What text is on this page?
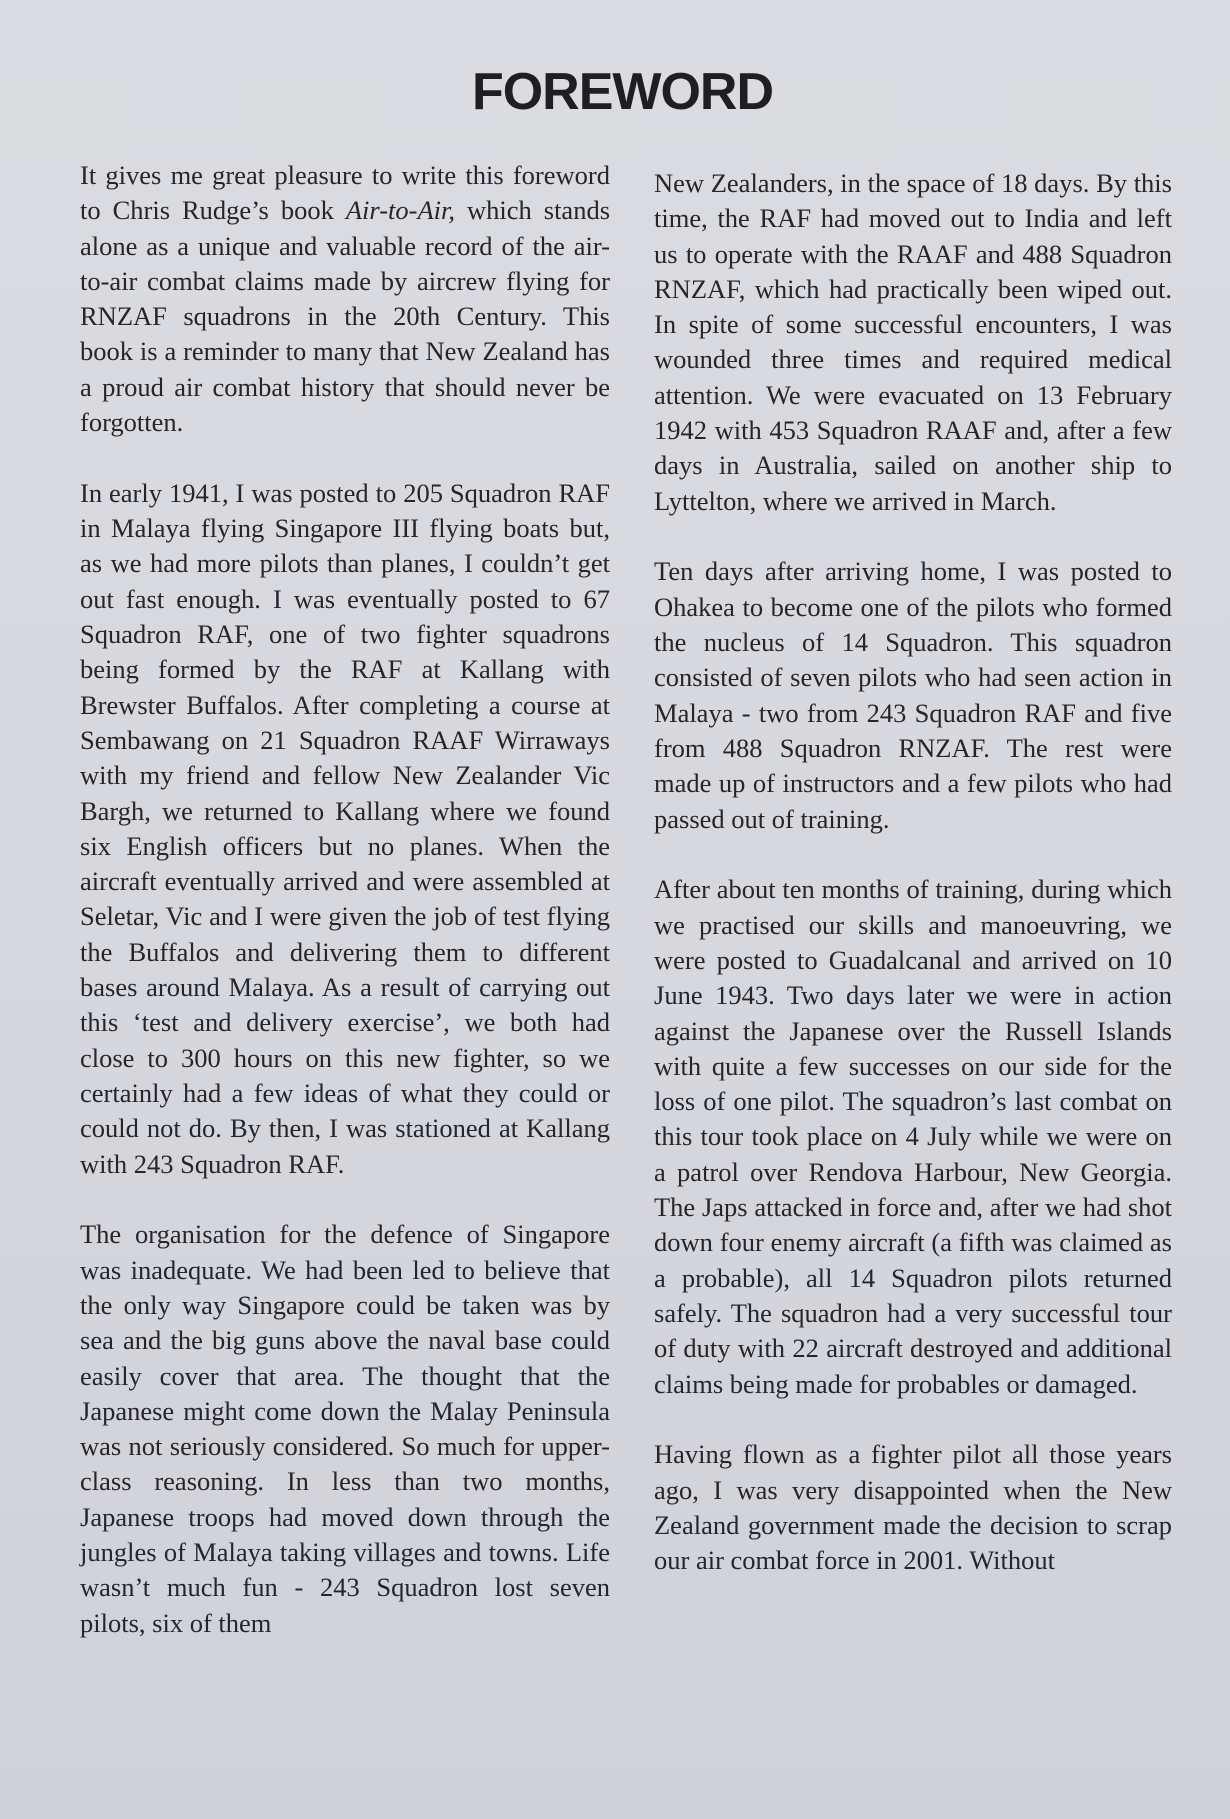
FOREWORD

It gives me great pleasure to write this foreword to Chris Rudge’s book Air-to-Air, which stands alone as a unique and valuable record of the air-to-air combat claims made by aircrew flying for RNZAF squadrons in the 20th Century. This book is a reminder to many that New Zealand has a proud air combat history that should never be forgotten.

In early 1941, I was posted to 205 Squadron RAF in Malaya flying Singapore III flying boats but, as we had more pilots than planes, I couldn’t get out fast enough. I was eventually posted to 67 Squadron RAF, one of two fighter squadrons being formed by the RAF at Kallang with Brewster Buffalos. After completing a course at Sembawang on 21 Squadron RAAF Wirraways with my friend and fellow New Zealander Vic Bargh, we returned to Kallang where we found six English officers but no planes. When the aircraft eventually arrived and were assembled at Seletar, Vic and I were given the job of test flying the Buffalos and delivering them to different bases around Malaya. As a result of carrying out this ‘test and delivery exercise’, we both had close to 300 hours on this new fighter, so we certainly had a few ideas of what they could or could not do. By then, I was stationed at Kallang with 243 Squadron RAF.

The organisation for the defence of Singapore was inadequate. We had been led to believe that the only way Singapore could be taken was by sea and the big guns above the naval base could easily cover that area. The thought that the Japanese might come down the Malay Peninsula was not seriously considered. So much for upper-class reasoning. In less than two months, Japanese troops had moved down through the jungles of Malaya taking villages and towns. Life wasn’t much fun - 243 Squadron lost seven pilots, six of them

New Zealanders, in the space of 18 days. By this time, the RAF had moved out to India and left us to operate with the RAAF and 488 Squadron RNZAF, which had practically been wiped out. In spite of some successful encounters, I was wounded three times and required medical attention. We were evacuated on 13 February 1942 with 453 Squadron RAAF and, after a few days in Australia, sailed on another ship to Lyttelton, where we arrived in March.

Ten days after arriving home, I was posted to Ohakea to become one of the pilots who formed the nucleus of 14 Squadron. This squadron consisted of seven pilots who had seen action in Malaya - two from 243 Squadron RAF and five from 488 Squadron RNZAF. The rest were made up of instructors and a few pilots who had passed out of training.

After about ten months of training, during which we practised our skills and manoeuvring, we were posted to Guadalcanal and arrived on 10 June 1943. Two days later we were in action against the Japanese over the Russell Islands with quite a few successes on our side for the loss of one pilot. The squadron’s last combat on this tour took place on 4 July while we were on a patrol over Rendova Harbour, New Georgia. The Japs attacked in force and, after we had shot down four enemy aircraft (a fifth was claimed as a probable), all 14 Squadron pilots returned safely. The squadron had a very successful tour of duty with 22 aircraft destroyed and additional claims being made for probables or damaged.

Having flown as a fighter pilot all those years ago, I was very disappointed when the New Zealand government made the decision to scrap our air combat force in 2001. Without
